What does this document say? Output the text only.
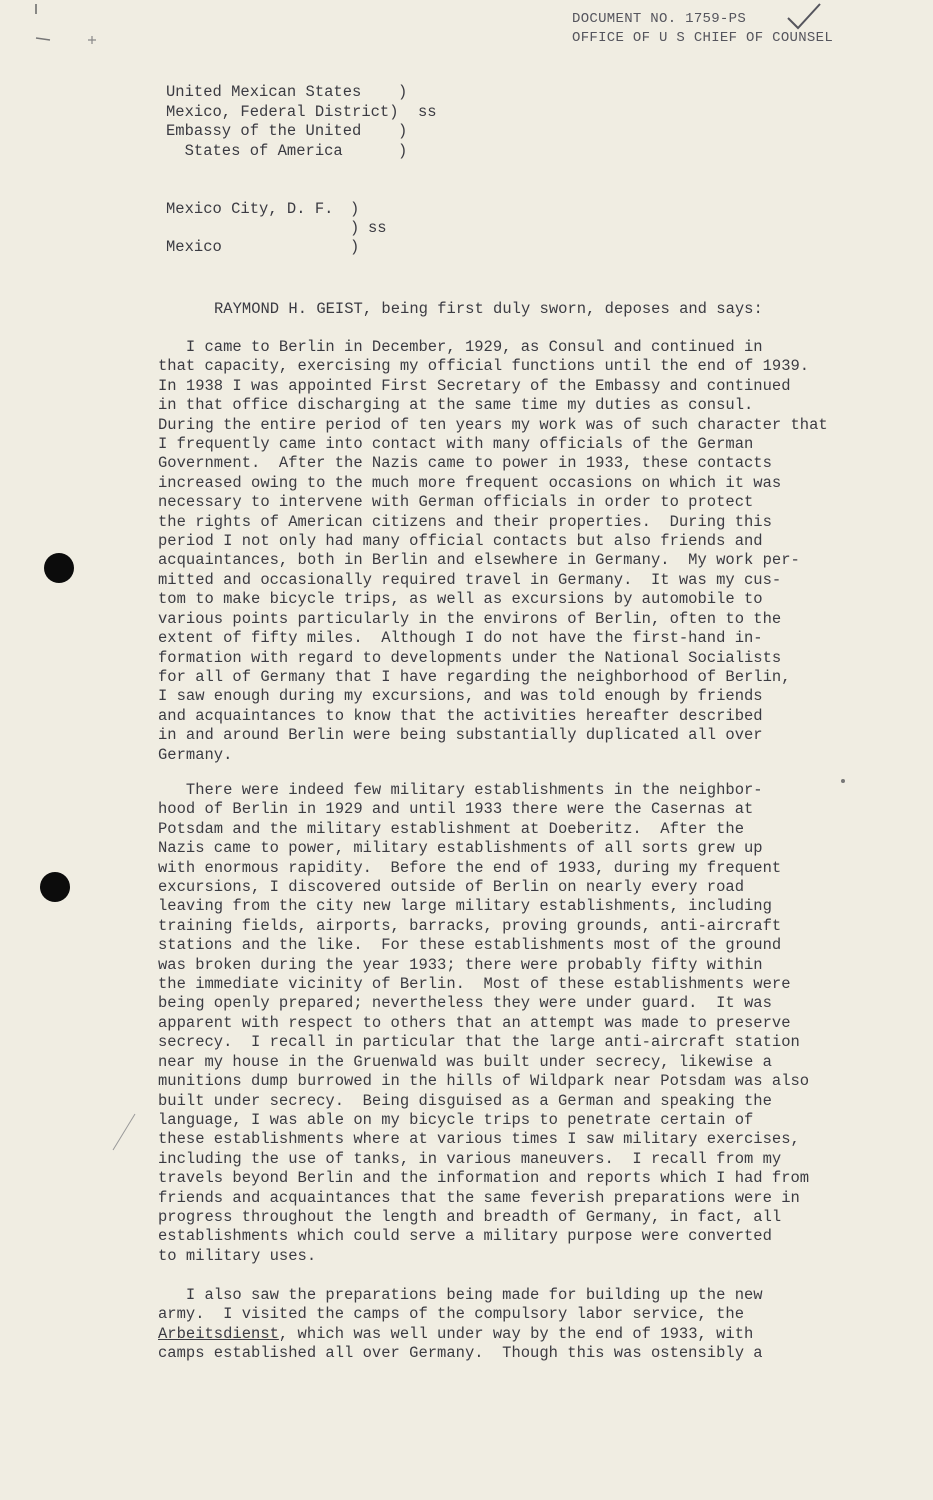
DOCUMENT NO. 1759-PS
OFFICE OF U S CHIEF OF COUNSEL
United Mexican States )
Mexico, Federal District) ss
Embassy of the United )
States of America	)
Mexico City, D. F. )
) ss
Mexico	)
RAYMOND H. GEIST, being first duly sworn, deposes and says:
I came to Berlin in December, 1929, as Consul and continued in
that capacity, exercising my official functions until the end of 1939.
In 1938 I was appointed First Secretary of the Embassy and continued
in that office discharging at the same time my duties as consul.
During the entire period of ten years my work was of such character that
I frequently came into contact with many officials of the German
Government.  After the Nazis came to power in 1933, these contacts
increased owing to the much more frequent occasions on which it was
necessary to intervene with German officials in order to protect
the rights of American citizens and their properties.  During this
period I not only had many official contacts but also friends and
acquaintances, both in Berlin and elsewhere in Germany.  My work per-
mitted and occasionally required travel in Germany.  It was my cus-
tom to make bicycle trips, as well as excursions by automobile to
various points particularly in the environs of Berlin, often to the
extent of fifty miles.  Although I do not have the first-hand in-
formation with regard to developments under the National Socialists
for all of Germany that I have regarding the neighborhood of Berlin,
I saw enough during my excursions, and was told enough by friends
and acquaintances to know that the activities hereafter described
in and around Berlin were being substantially duplicated all over
Germany.
There were indeed few military establishments in the neighbor-
hood of Berlin in 1929 and until 1933 there were the Casernas at
Potsdam and the military establishment at Doeberitz.  After the
Nazis came to power, military establishments of all sorts grew up
with enormous rapidity.  Before the end of 1933, during my frequent
excursions, I discovered outside of Berlin on nearly every road
leaving from the city new large military establishments, including
training fields, airports, barracks, proving grounds, anti-aircraft
stations and the like.  For these establishments most of the ground
was broken during the year 1933; there were probably fifty within
the immediate vicinity of Berlin.  Most of these establishments were
being openly prepared; nevertheless they were under guard.  It was
apparent with respect to others that an attempt was made to preserve
secrecy.  I recall in particular that the large anti-aircraft station
near my house in the Gruenwald was built under secrecy, likewise a
munitions dump burrowed in the hills of Wildpark near Potsdam was also
built under secrecy.  Being disguised as a German and speaking the
language, I was able on my bicycle trips to penetrate certain of
these establishments where at various times I saw military exercises,
including the use of tanks, in various maneuvers.  I recall from my
travels beyond Berlin and the information and reports which I had from
friends and acquaintances that the same feverish preparations were in
progress throughout the length and breadth of Germany, in fact, all
establishments which could serve a military purpose were converted
to military uses.
I also saw the preparations being made for building up the new
army.  I visited the camps of the compulsory labor service, the
Arbeitsdienst, which was well under way by the end of 1933, with
camps established all over Germany.  Though this was ostensibly a
